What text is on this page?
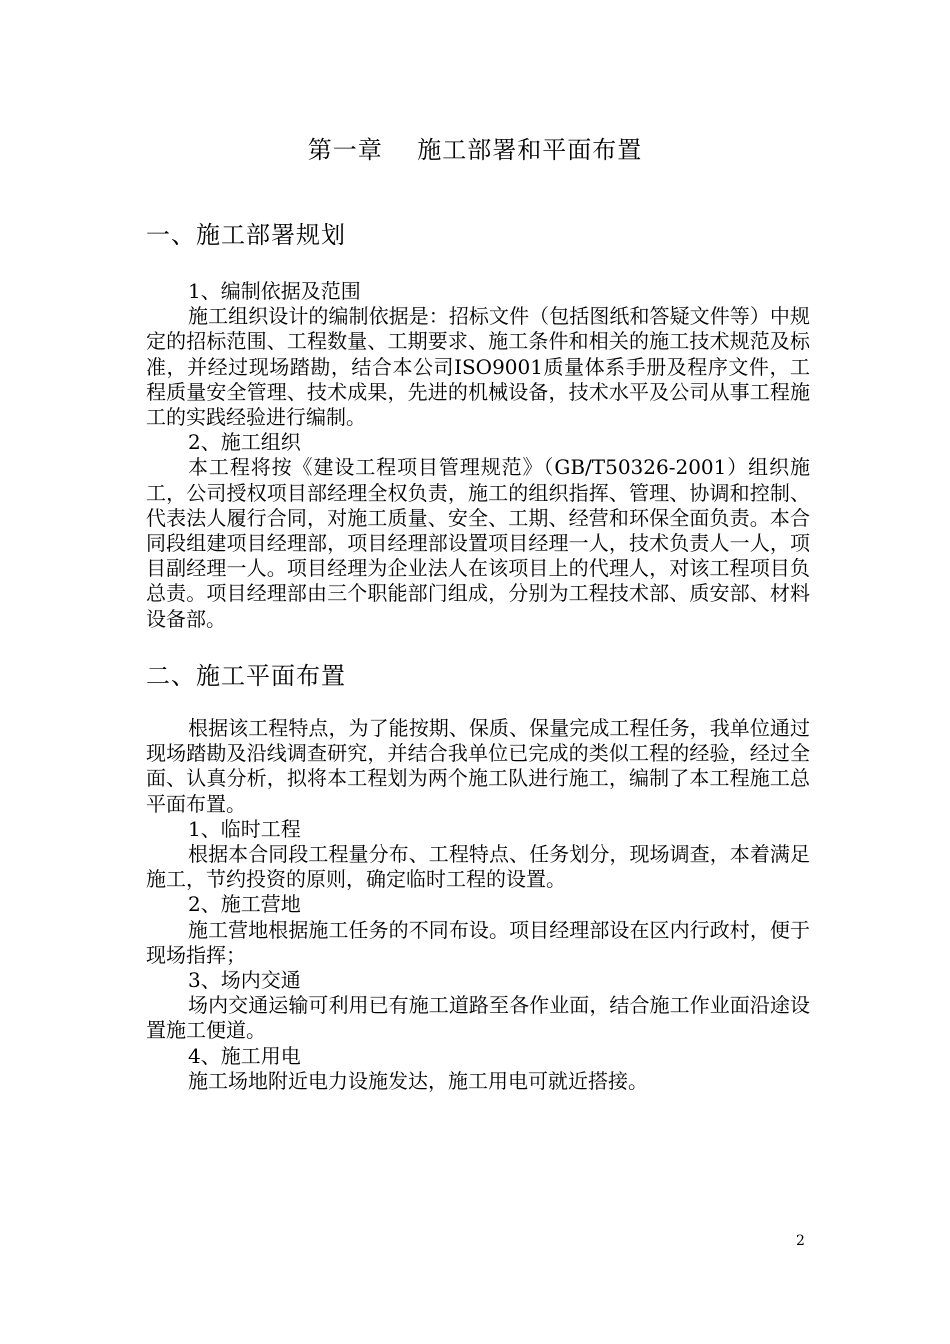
第一章    施工部署和平面布置
一、施工部署规划

1、编制依据及范围

施工组织设计的编制依据是：招标文件（包括图纸和答疑文件等）中规定的招标范围、工程数量、工期要求、施工条件和相关的施工技术规范及标准，并经过现场踏勘，结合本公司ISO9001质量体系手册及程序文件，工程质量安全管理、技术成果，先进的机械设备，技术水平及公司从事工程施工的实践经验进行编制。

2、施工组织

本工程将按《建设工程项目管理规范》（GB/T50326-2001）组织施工，公司授权项目部经理全权负责，施工的组织指挥、管理、协调和控制、代表法人履行合同，对施工质量、安全、工期、经营和环保全面负责。本合同段组建项目经理部，项目经理部设置项目经理一人，技术负责人一人，项目副经理一人。项目经理为企业法人在该项目上的代理人，对该工程项目负总责。项目经理部由三个职能部门组成，分别为工程技术部、质安部、材料设备部。

二、施工平面布置

根据该工程特点，为了能按期、保质、保量完成工程任务，我单位通过现场踏勘及沿线调查研究，并结合我单位已完成的类似工程的经验，经过全面、认真分析，拟将本工程划为两个施工队进行施工，编制了本工程施工总平面布置。

1、临时工程

根据本合同段工程量分布、工程特点、任务划分，现场调查，本着满足施工，节约投资的原则，确定临时工程的设置。

2、施工营地

施工营地根据施工任务的不同布设。项目经理部设在区内行政村，便于现场指挥；

3、场内交通

场内交通运输可利用已有施工道路至各作业面，结合施工作业面沿途设置施工便道。

4、施工用电

施工场地附近电力设施发达，施工用电可就近搭接。

2
